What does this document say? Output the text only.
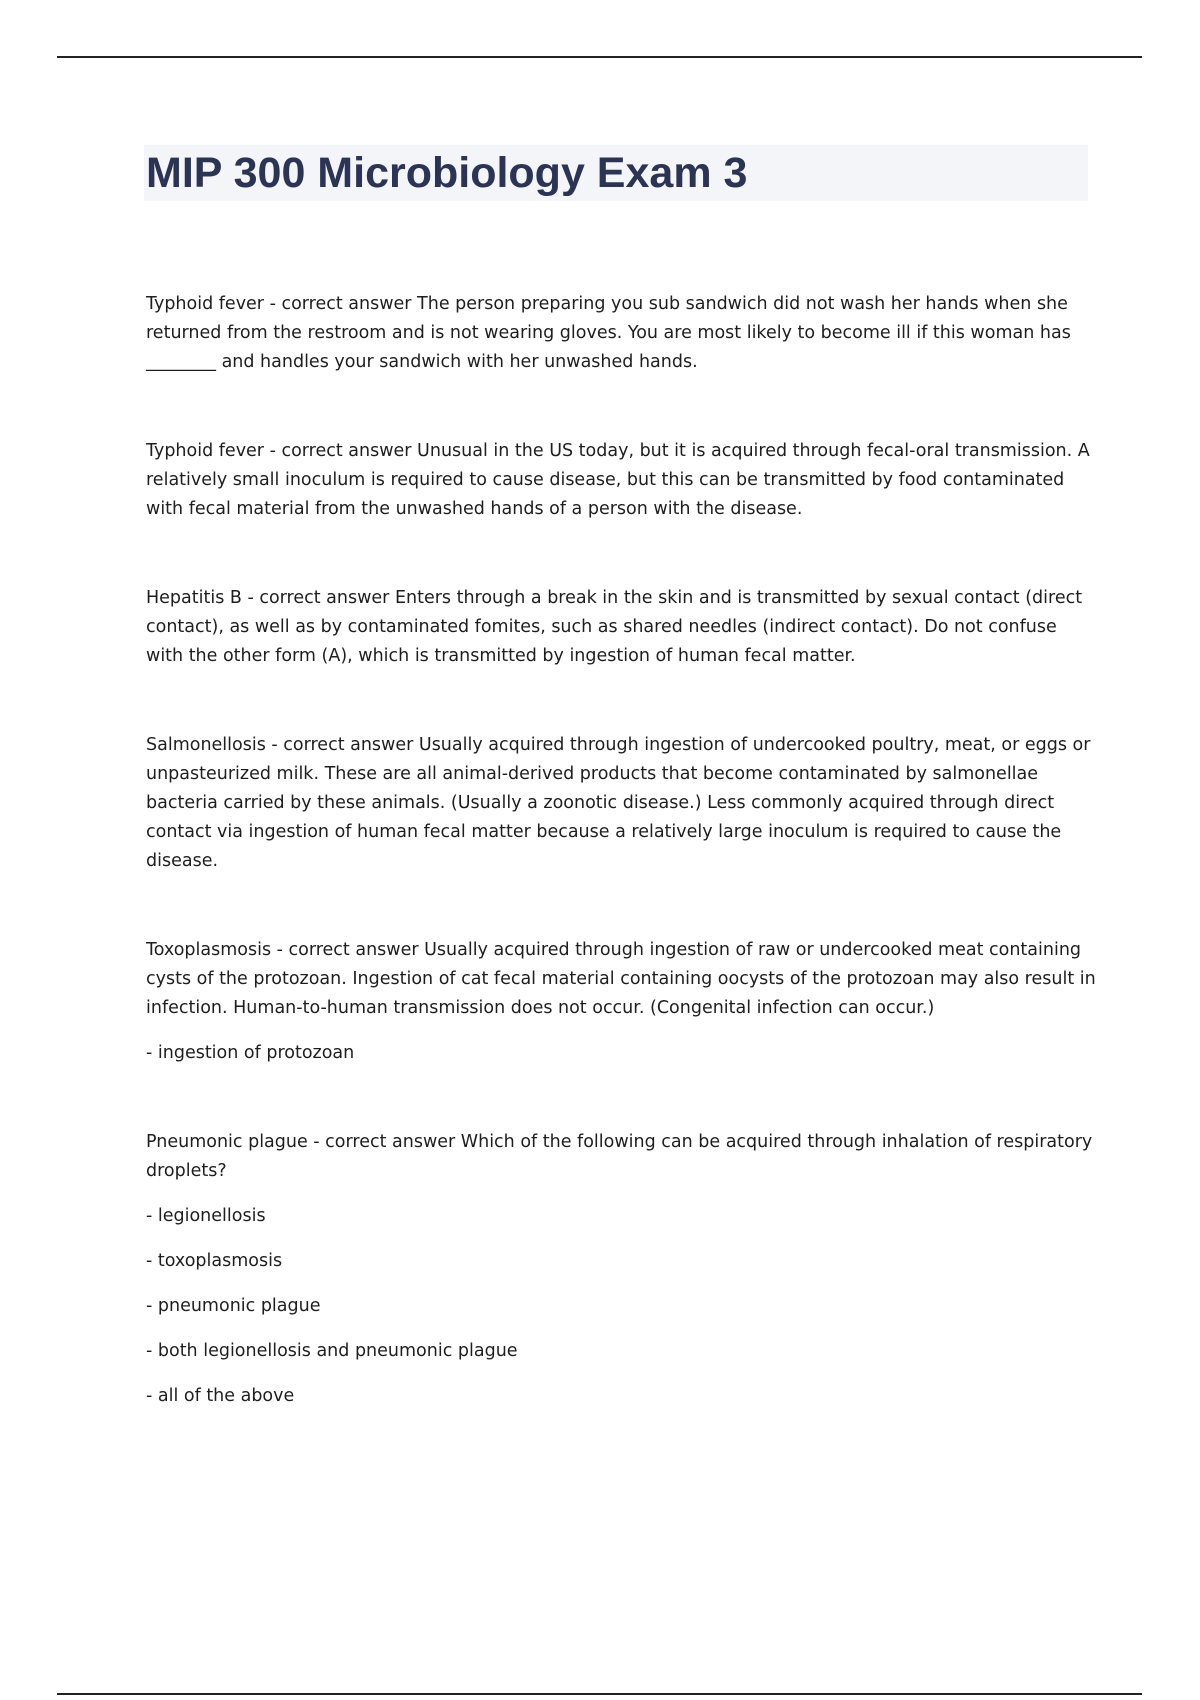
MIP 300 Microbiology Exam 3

Typhoid fever - correct answer The person preparing you sub sandwich did not wash her hands when she returned from the restroom and is not wearing gloves. You are most likely to become ill if this woman has ________ and handles your sandwich with her unwashed hands.

Typhoid fever - correct answer Unusual in the US today, but it is acquired through fecal-oral transmission. A relatively small inoculum is required to cause disease, but this can be transmitted by food contaminated with fecal material from the unwashed hands of a person with the disease.

Hepatitis B - correct answer Enters through a break in the skin and is transmitted by sexual contact (direct contact), as well as by contaminated fomites, such as shared needles (indirect contact). Do not confuse with the other form (A), which is transmitted by ingestion of human fecal matter.

Salmonellosis - correct answer Usually acquired through ingestion of undercooked poultry, meat, or eggs or unpasteurized milk. These are all animal-derived products that become contaminated by salmonellae bacteria carried by these animals. (Usually a zoonotic disease.) Less commonly acquired through direct contact via ingestion of human fecal matter because a relatively large inoculum is required to cause the disease.

Toxoplasmosis - correct answer Usually acquired through ingestion of raw or undercooked meat containing cysts of the protozoan. Ingestion of cat fecal material containing oocysts of the protozoan may also result in infection. Human-to-human transmission does not occur. (Congenital infection can occur.)

- ingestion of protozoan

Pneumonic plague - correct answer Which of the following can be acquired through inhalation of respiratory droplets?

- legionellosis

- toxoplasmosis

- pneumonic plague

- both legionellosis and pneumonic plague

- all of the above
